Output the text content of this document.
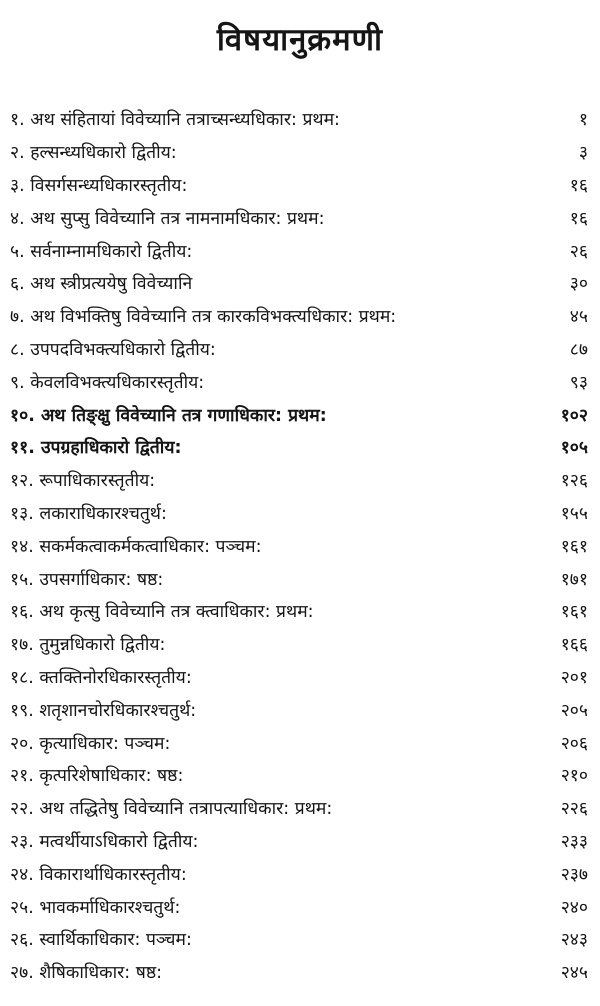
विषयानुक्रमणी
१. अथ संहितायां विवेच्यानि तत्राच्सन्ध्यधिकार: प्रथम:	१
२. हल्सन्ध्यधिकारो द्वितीय:	३
३. विसर्गसन्ध्यधिकारस्तृतीय:	१६
४. अथ सुप्सु विवेच्यानि तत्र नामनामधिकार: प्रथम:	१६
५. सर्वनाम्नामधिकारो द्वितीय:	२६
६. अथ स्त्रीप्रत्ययेषु विवेच्यानि	३०
७. अथ विभक्तिषु विवेच्यानि तत्र कारकविभक्त्यधिकार: प्रथम:	४५
८. उपपदविभक्त्यधिकारो द्वितीय:	८७
९. केवलविभक्त्यधिकारस्तृतीय:	९३
१०. अथ तिङ्क्षु विवेच्यानि तत्र गणाधिकार: प्रथम:	१०२
११. उपग्रहाधिकारो द्वितीय:	१०५
१२. रूपाधिकारस्तृतीय:	१२६
१३. लकाराधिकारश्चतुर्थ:	१५५
१४. सकर्मकत्वाकर्मकत्वाधिकार: पञ्चम:	१६१
१५. उपसर्गाधिकार: षष्ठ:	१७१
१६. अथ कृत्सु विवेच्यानि तत्र क्त्वाधिकार: प्रथम:	१६१
१७. तुमुन्नधिकारो द्वितीय:	१६६
१८. क्तक्तिनोरधिकारस्तृतीय:	२०१
१९. शतृशानचोरधिकारश्चतुर्थ:	२०५
२०. कृत्याधिकार: पञ्चम:	२०६
२१. कृत्परिशेषाधिकार: षष्ठ:	२१०
२२. अथ तद्धितेषु विवेच्यानि तत्रापत्याधिकार: प्रथम:	२२६
२३. मत्वर्थीयाऽधिकारो द्वितीय:	२३३
२४. विकारार्थाधिकारस्तृतीय:	२३७
२५. भावकर्माधिकारश्चतुर्थ:	२४०
२६. स्वार्थिकाधिकार: पञ्चम:	२४३
२७. शैषिकाधिकार: षष्ठ:	२४५
